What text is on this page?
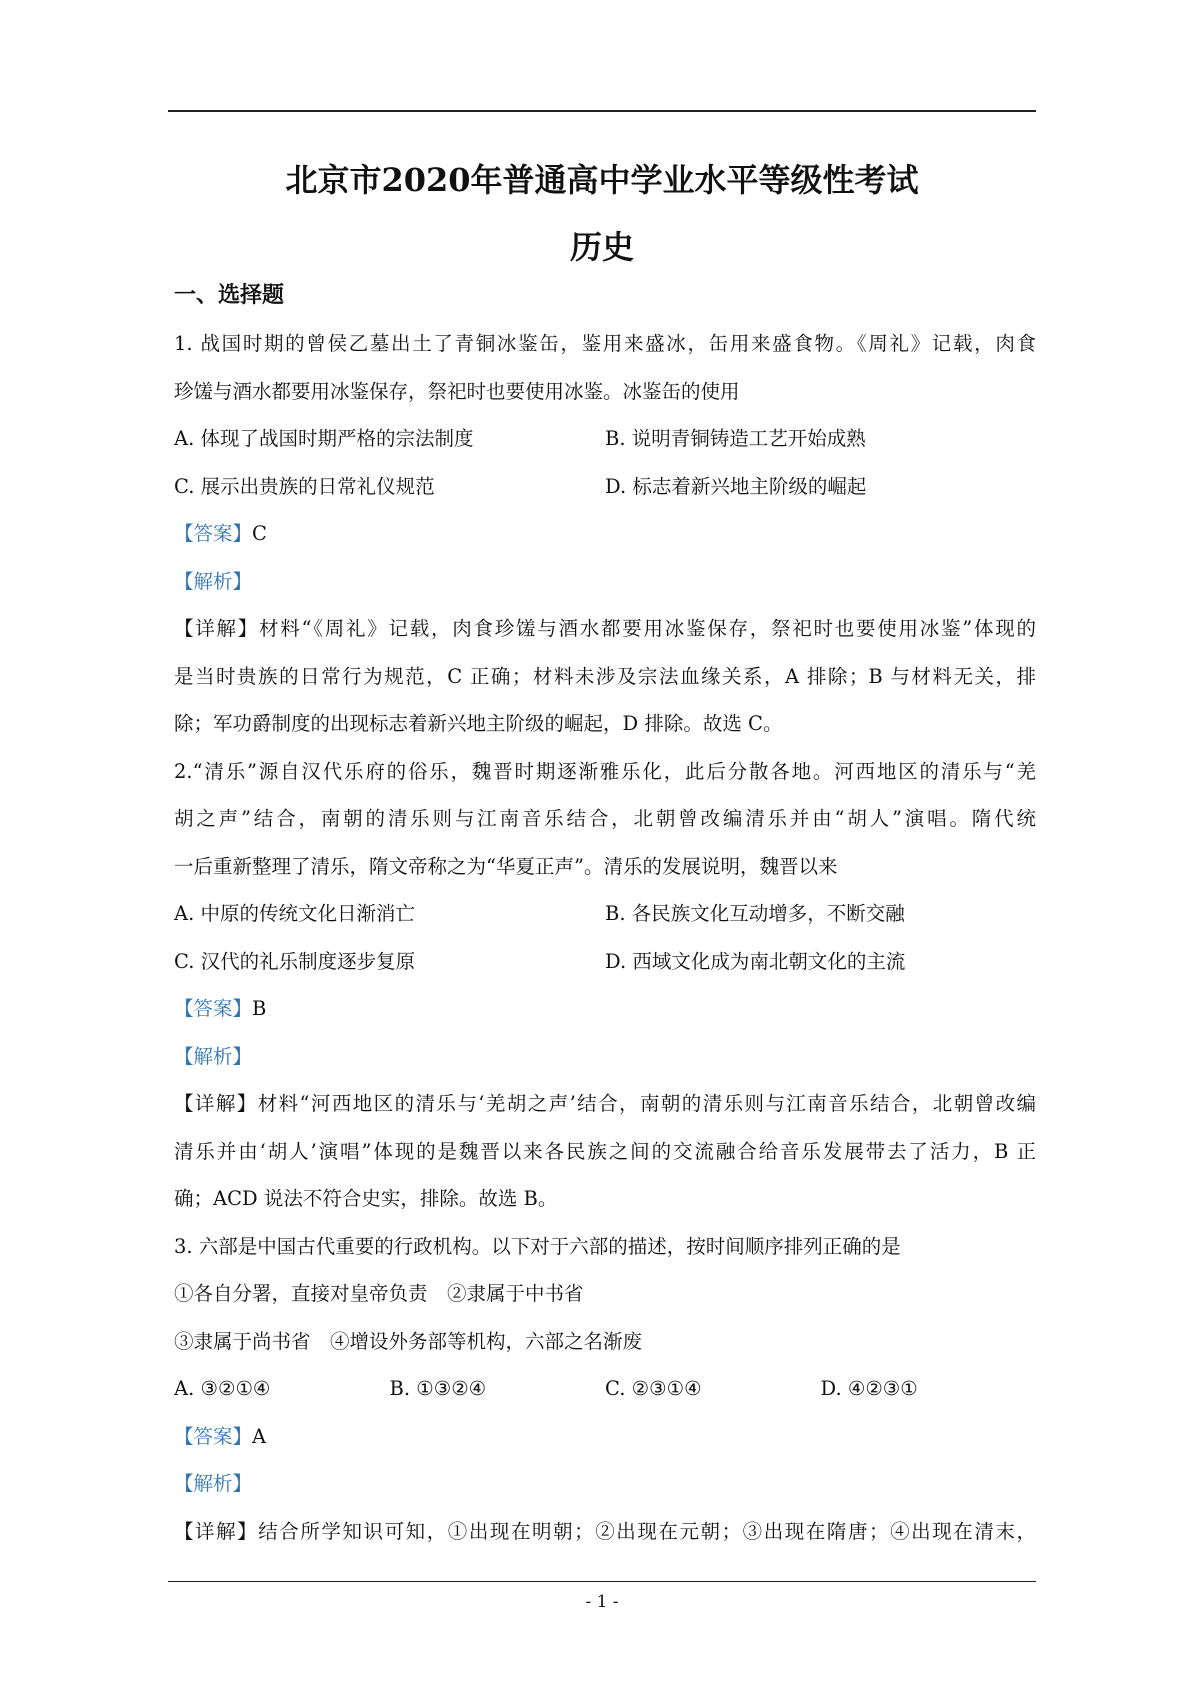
北京市2020年普通高中学业水平等级性考试
历史
一、选择题
1. 战国时期的曾侯乙墓出土了青铜冰鉴缶，鉴用来盛冰，缶用来盛食物。《周礼》记载，肉食
珍馐与酒水都要用冰鉴保存，祭祀时也要使用冰鉴。冰鉴缶的使用
A. 体现了战国时期严格的宗法制度	B. 说明青铜铸造工艺开始成熟
C. 展示出贵族的日常礼仪规范	D. 标志着新兴地主阶级的崛起
【答案】C
【解析】
【详解】材料“《周礼》记载，肉食珍馐与酒水都要用冰鉴保存，祭祀时也要使用冰鉴”体现的
是当时贵族的日常行为规范，C 正确；材料未涉及宗法血缘关系，A 排除；B 与材料无关，排
除；军功爵制度的出现标志着新兴地主阶级的崛起，D 排除。故选 C。
2.“清乐”源自汉代乐府的俗乐，魏晋时期逐渐雅乐化，此后分散各地。河西地区的清乐与“羌
胡之声”结合，南朝的清乐则与江南音乐结合，北朝曾改编清乐并由“胡人”演唱。隋代统
一后重新整理了清乐，隋文帝称之为“华夏正声”。清乐的发展说明，魏晋以来
A. 中原的传统文化日渐消亡	B. 各民族文化互动增多，不断交融
C. 汉代的礼乐制度逐步复原	D. 西域文化成为南北朝文化的主流
【答案】B
【解析】
【详解】材料“河西地区的清乐与‘羌胡之声’结合，南朝的清乐则与江南音乐结合，北朝曾改编
清乐并由‘胡人’演唱”体现的是魏晋以来各民族之间的交流融合给音乐发展带去了活力，B 正
确；ACD 说法不符合史实，排除。故选 B。
3. 六部是中国古代重要的行政机构。以下对于六部的描述，按时间顺序排列正确的是
①各自分署，直接对皇帝负责　②隶属于中书省
③隶属于尚书省　④增设外务部等机构，六部之名渐废
A. ③②①④	B. ①③②④	C. ②③①④	D. ④②③①
【答案】A
【解析】
【详解】结合所学知识可知，①出现在明朝；②出现在元朝；③出现在隋唐；④出现在清末，
- 1 -
